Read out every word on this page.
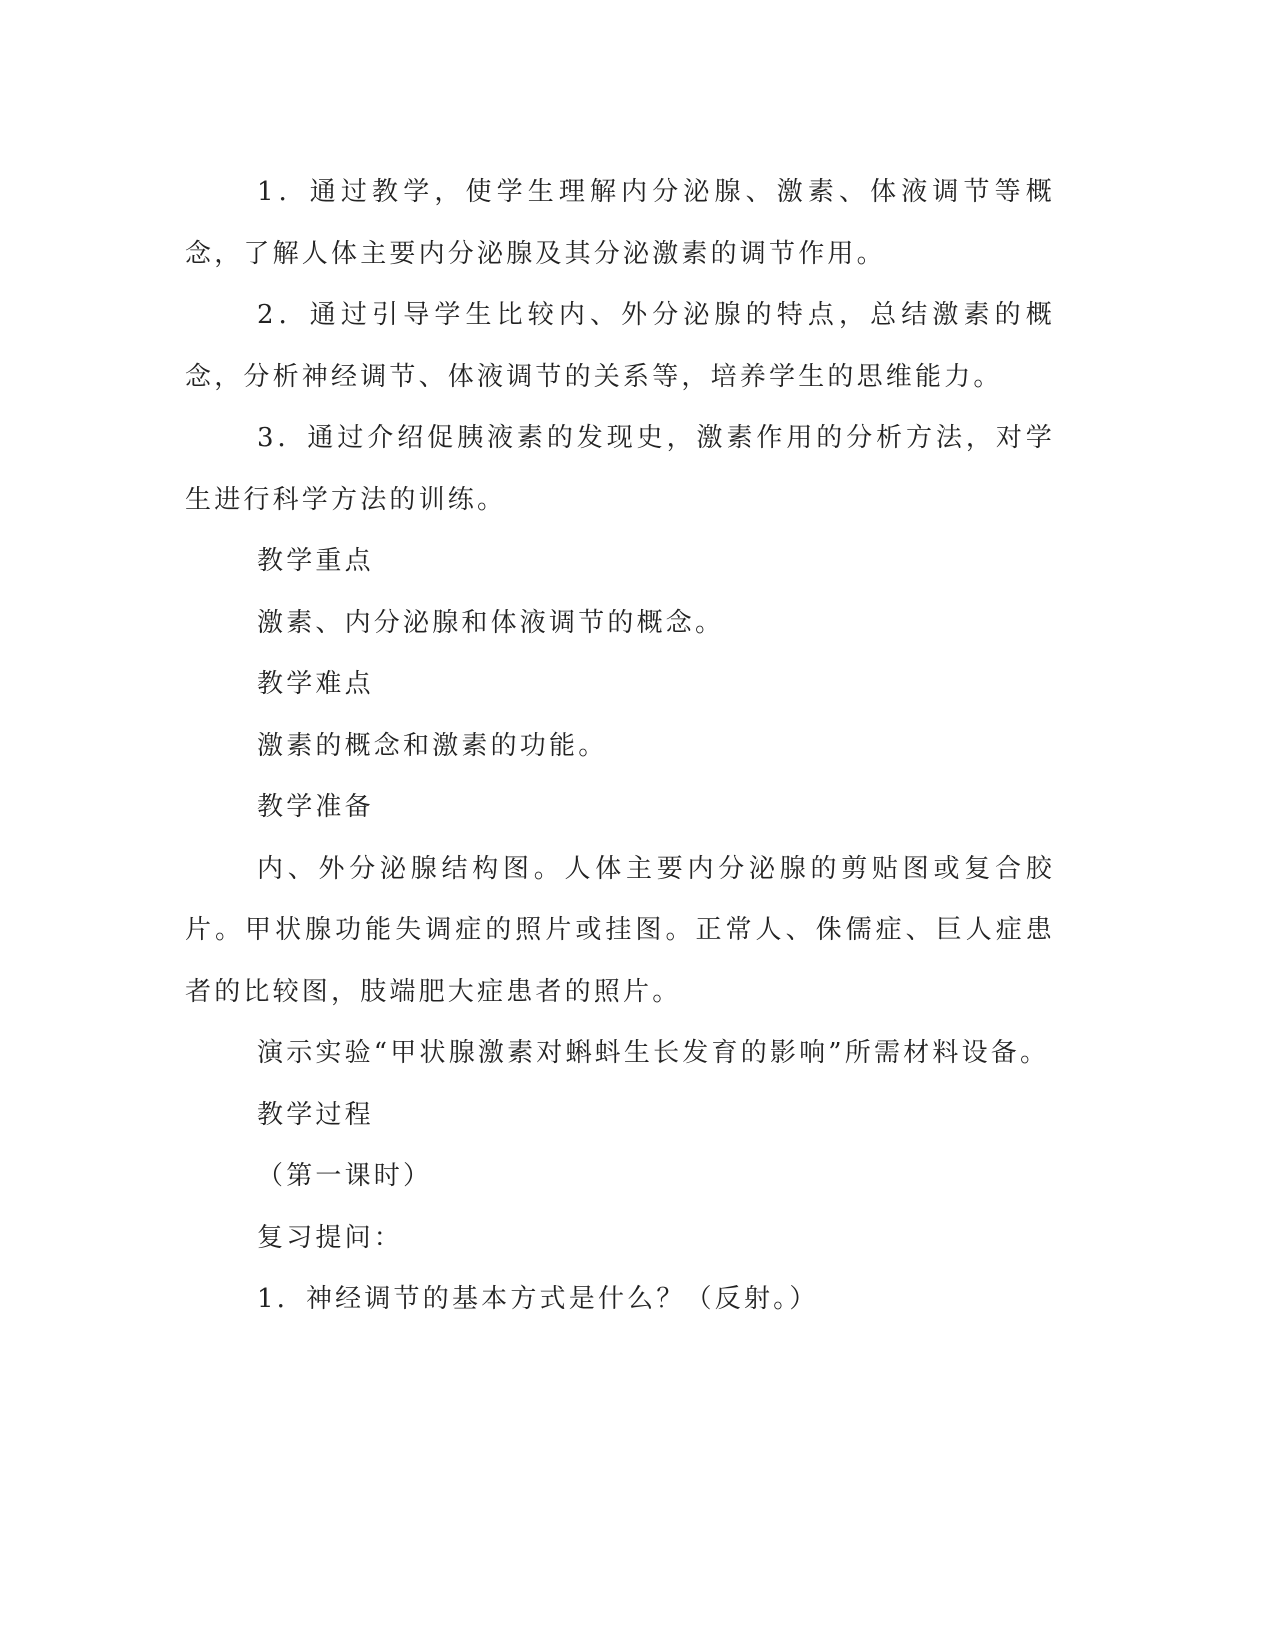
1．通过教学，使学生理解内分泌腺、激素、体液调节等概念，了解人体主要内分泌腺及其分泌激素的调节作用。

2．通过引导学生比较内、外分泌腺的特点，总结激素的概念，分析神经调节、体液调节的关系等，培养学生的思维能力。

3．通过介绍促胰液素的发现史，激素作用的分析方法，对学生进行科学方法的训练。

教学重点

激素、内分泌腺和体液调节的概念。

教学难点

激素的概念和激素的功能。

教学准备

内、外分泌腺结构图。人体主要内分泌腺的剪贴图或复合胶片。甲状腺功能失调症的照片或挂图。正常人、侏儒症、巨人症患者的比较图，肢端肥大症患者的照片。

演示实验“甲状腺激素对蝌蚪生长发育的影响”所需材料设备。

教学过程

（第一课时）

复习提问：

1．神经调节的基本方式是什么？（反射。）
